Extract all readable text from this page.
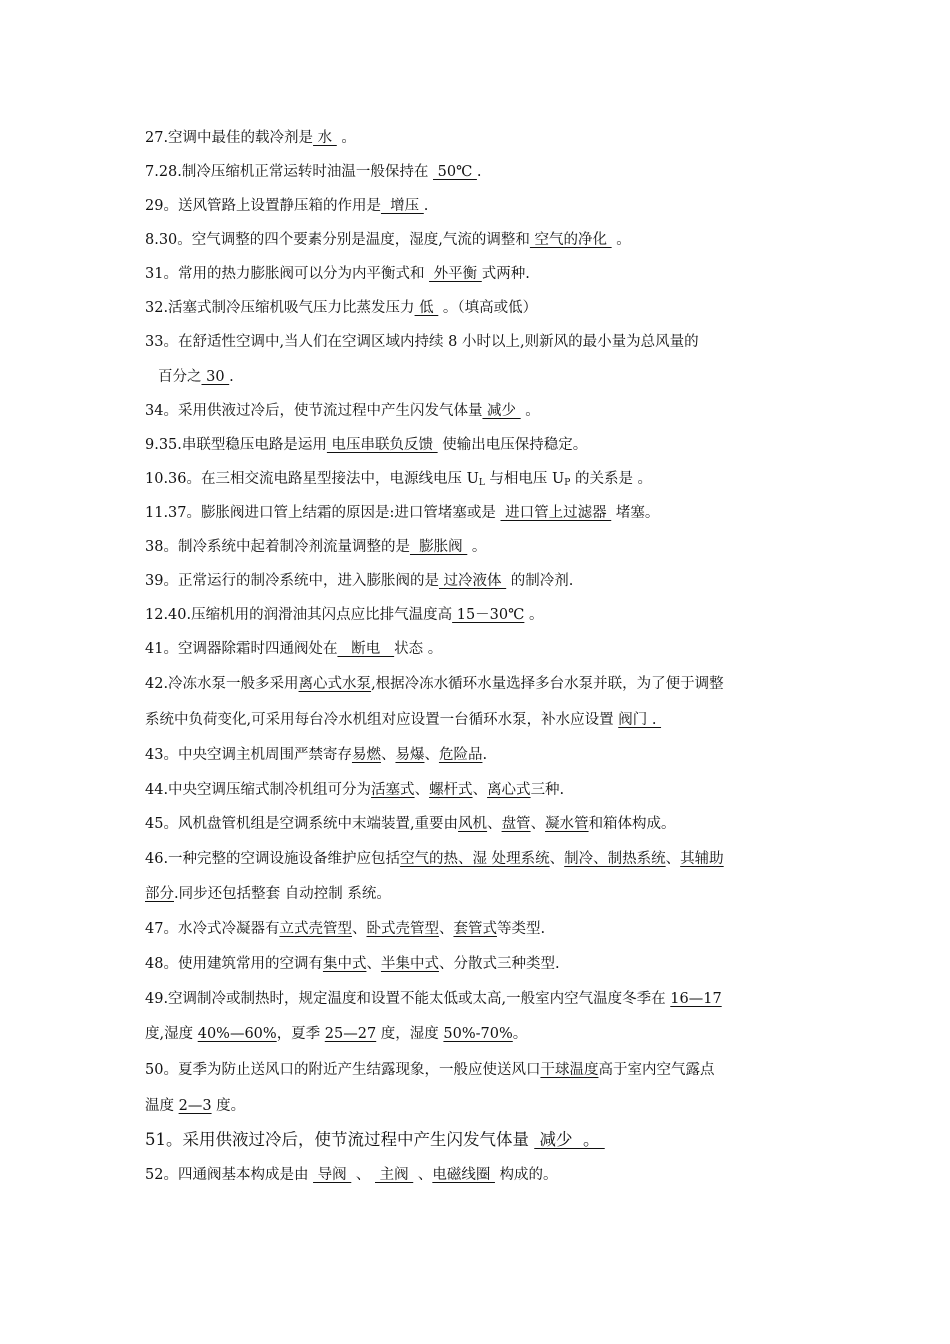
27.空调中最佳的载冷剂是 水  。
7.28.制冷压缩机正常运转时油温一般保持在  50℃ .
29。送风管路上设置静压箱的作用是  增压 .
8.30。空气调整的四个要素分别是温度，湿度,气流的调整和 空气的净化  。
31。常用的热力膨胀阀可以分为内平衡式和  外平衡 式两种.
32.活塞式制冷压缩机吸气压力比蒸发压力 低  。（填高或低）
33。在舒适性空调中,当人们在空调区域内持续 8 小时以上,则新风的最小量为总风量的
百分之 30 .
34。采用供液过冷后，使节流过程中产生闪发气体量 减少  。
9.35.串联型稳压电路是运用 电压串联负反馈  使输出电压保持稳定。
10.36。在三相交流电路星型接法中，电源线电压 $U_L$ 与相电压 $U_P$ 的关系是 。
11.37。膨胀阀进口管上结霜的原因是:进口管堵塞或是  进口管上过滤器  堵塞。
38。制冷系统中起着制冷剂流量调整的是  膨胀阀  。
39。正常运行的制冷系统中，进入膨胀阀的是 过冷液体  的制冷剂.
12.40.压缩机用的润滑油其闪点应比排气温度高 15－30℃ 。
41。空调器除霜时四通阀处在   断电   状态 。
42.冷冻水泵一般多采用离心式水泵,根据冷冻水循环水量选择多台水泵并联，为了便于调整
系统中负荷变化,可采用每台冷水机组对应设置一台循环水泵，补水应设置 阀门 .
43。中央空调主机周围严禁寄存易燃、易爆、危险品.
44.中央空调压缩式制冷机组可分为活塞式、螺杆式、离心式三种.
45。风机盘管机组是空调系统中末端装置,重要由风机、盘管、凝水管和箱体构成。
46.一种完整的空调设施设备维护应包括空气的热、湿 处理系统、制冷、制热系统、其辅助
部分.同步还包括整套 自动控制 系统。
47。水冷式冷凝器有立式壳管型、卧式壳管型、套管式等类型.
48。使用建筑常用的空调有集中式、半集中式、分散式三种类型.
49.空调制冷或制热时，规定温度和设置不能太低或太高,一般室内空气温度冬季在 16—17
度,湿度 40%—60%，夏季 25—27 度，湿度 50%-70%。
50。夏季为防止送风口的附近产生结露现象，一般应使送风口干球温度高于室内空气露点
温度 2—3 度。
51。采用供液过冷后，使节流过程中产生闪发气体量  减少  。
52。四通阀基本构成是由  导阀  、  主阀  、电磁线圈  构成的。
